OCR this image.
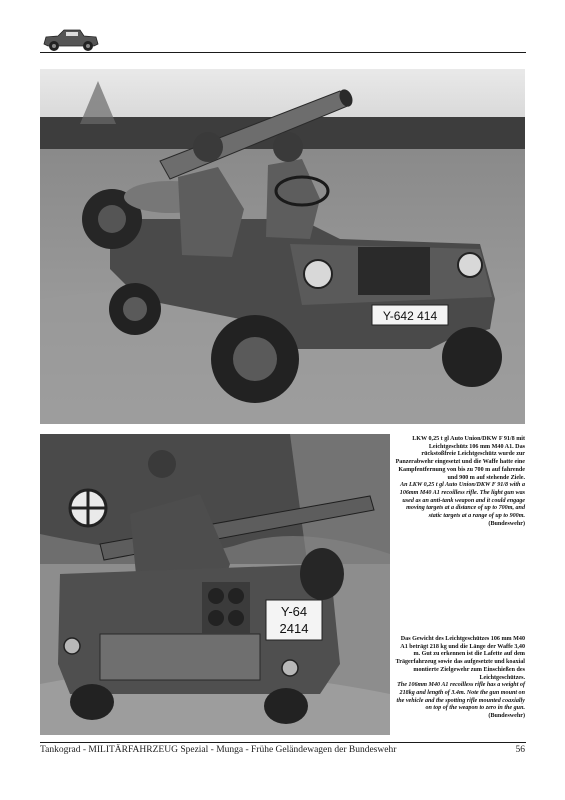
Y-642 414
Y-64
2414

LKW 0,25 t gl Auto Union/DKW F 91/8 mit Leichtgeschütz 106 mm M40 A1. Das rückstoßfreie Leichtgeschütz wurde zur Panzerabwehr eingesetzt und die Waffe hatte eine Kampfentfernung von bis zu 700 m auf fahrende und 900 m auf stehende Ziele.

An LKW 0,25 t gl Auto Union/DKW F 91/8 with a 106mm M40 A1 recoilless rifle. The light gun was used as an anti-tank weapon and it could engage moving targets at a distance of up to 700m, and static targets at a range of up to 900m. (Bundeswehr)

Das Gewicht des Leichtgeschützes 106 mm M40 A1 beträgt 218 kg und die Länge der Waffe 3,40 m. Gut zu erkennen ist die Lafette auf dem Trägerfahrzeug sowie das aufgesetzte und koaxial montierte Zielgewehr zum Einschießen des Leichtgeschützes.

The 106mm M40 A1 recoilless rifle has a weight of 218kg and length of 3.4m. Note the gun mount on the vehicle and the spotting rifle mounted coaxially on top of the weapon to zero in the gun. (Bundeswehr)

Tankograd - MILITÄRFAHRZEUG Spezial - Munga - Frühe Geländewagen der Bundeswehr	56
